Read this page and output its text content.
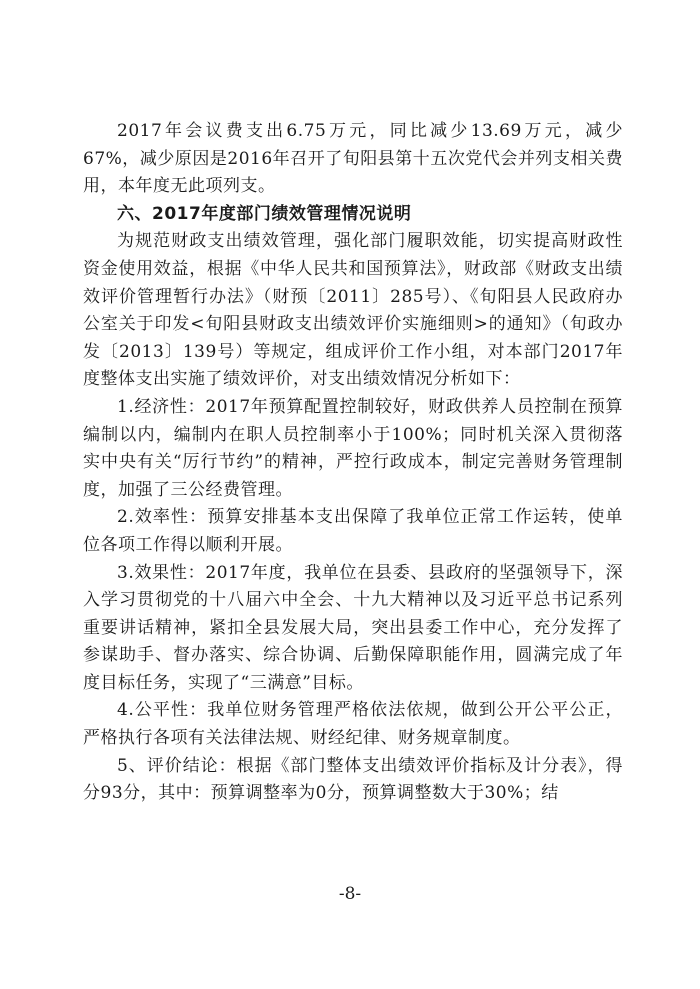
2017年会议费支出6.75万元，同比减少13.69万元，减少67%，减少原因是2016年召开了旬阳县第十五次党代会并列支相关费用，本年度无此项列支。

六、2017年度部门绩效管理情况说明

为规范财政支出绩效管理，强化部门履职效能，切实提高财政性资金使用效益，根据《中华人民共和国预算法》，财政部《财政支出绩效评价管理暂行办法》（财预〔2011〕285号）、《旬阳县人民政府办公室关于印发<旬阳县财政支出绩效评价实施细则>的通知》（旬政办发〔2013〕139号）等规定，组成评价工作小组，对本部门2017年度整体支出实施了绩效评价，对支出绩效情况分析如下：

1.经济性：2017年预算配置控制较好，财政供养人员控制在预算编制以内，编制内在职人员控制率小于100%；同时机关深入贯彻落实中央有关“厉行节约”的精神，严控行政成本，制定完善财务管理制度，加强了三公经费管理。

2.效率性：预算安排基本支出保障了我单位正常工作运转，使单位各项工作得以顺利开展。

3.效果性：2017年度，我单位在县委、县政府的坚强领导下，深入学习贯彻党的十八届六中全会、十九大精神以及习近平总书记系列重要讲话精神，紧扣全县发展大局，突出县委工作中心，充分发挥了参谋助手、督办落实、综合协调、后勤保障职能作用，圆满完成了年度目标任务，实现了“三满意”目标。

4.公平性：我单位财务管理严格依法依规，做到公开公平公正，严格执行各项有关法律法规、财经纪律、财务规章制度。

5、评价结论：根据《部门整体支出绩效评价指标及计分表》，得分93分，其中：预算调整率为0分，预算调整数大于30%；结

-8-
